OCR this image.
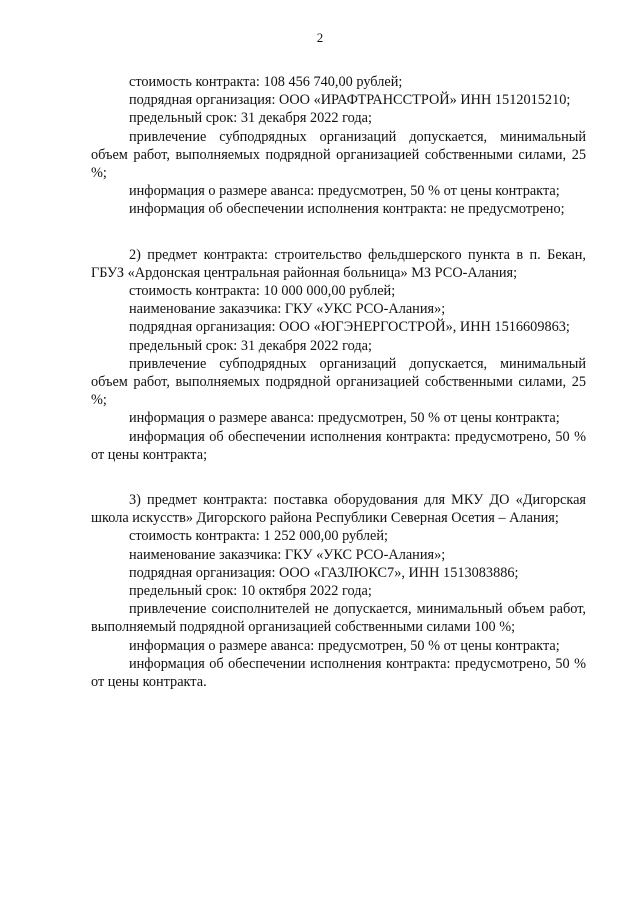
2

стоимость контракта: 108 456 740,00 рублей;

подрядная организация: ООО «ИРАФТРАНССТРОЙ» ИНН 1512015210;

предельный срок: 31 декабря 2022 года;

привлечение субподрядных организаций допускается, минимальный объем работ, выполняемых подрядной организацией собственными силами, 25 %;

информация о размере аванса: предусмотрен, 50 % от цены контракта;

информация об обеспечении исполнения контракта: не предусмотрено;

2) предмет контракта: строительство фельдшерского пункта в п. Бекан, ГБУЗ «Ардонская центральная районная больница» МЗ РСО-Алания;

стоимость контракта: 10 000 000,00 рублей;

наименование заказчика: ГКУ «УКС РСО-Алания»;

подрядная организация: ООО «ЮГЭНЕРГОСТРОЙ», ИНН 1516609863;

предельный срок: 31 декабря 2022 года;

привлечение субподрядных организаций допускается, минимальный объем работ, выполняемых подрядной организацией собственными силами, 25 %;

информация о размере аванса: предусмотрен, 50 % от цены контракта;

информация об обеспечении исполнения контракта: предусмотрено, 50 % от цены контракта;

3) предмет контракта: поставка оборудования для МКУ ДО «Дигорская школа искусств» Дигорского района Республики Северная Осетия – Алания;

стоимость контракта: 1 252 000,00 рублей;

наименование заказчика: ГКУ «УКС РСО-Алания»;

подрядная организация: ООО «ГАЗЛЮКС7», ИНН 1513083886;

предельный срок: 10 октября 2022 года;

привлечение соисполнителей не допускается, минимальный объем работ, выполняемый подрядной организацией собственными силами 100 %;

информация о размере аванса: предусмотрен, 50 % от цены контракта;

информация об обеспечении исполнения контракта: предусмотрено, 50 % от цены контракта.
